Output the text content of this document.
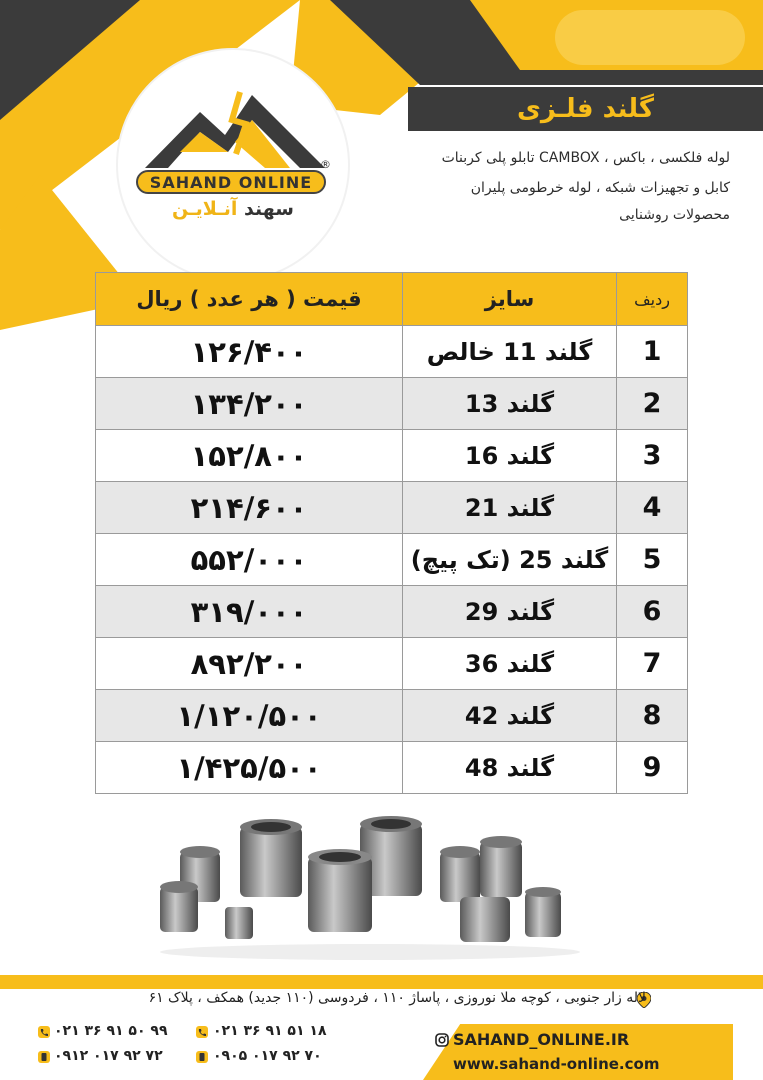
SAHAND ONLINE
®
سهند آنـلایـن
گلند فلـزی
لوله فلکسی ، باکس ، CAMBOX تابلو پلی کربنات
کابل و تجهیزات شبکه ، لوله خرطومی پلیران
محصولات روشنایی
ردیف	سایز	قیمت ( هر عدد ) ریال
1	گلند 11 خالص	۱۲۶/۴۰۰
2	گلند 13	۱۳۴/۲۰۰
3	گلند 16	۱۵۲/۸۰۰
4	گلند 21	۲۱۴/۶۰۰
5	گلند 25 (تک پیچ)	۵۵۲/۰۰۰
6	گلند 29	۳۱۹/۰۰۰
7	گلند 36	۸۹۲/۲۰۰
8	گلند 42	۱/۱۲۰/۵۰۰
9	گلند 48	۱/۴۲۵/۵۰۰
لاله زار جنوبی ، کوچه ملا نوروزی ، پاساژ ۱۱۰ ، فردوسی (۱۱۰ جدید) همکف ، پلاک ۶۱
۰۲۱ ۳۶ ۹۱ ۵۰ ۹۹	۰۲۱ ۳۶ ۹۱ ۵۱ ۱۸
۰۹۱۲ ۰۱۷ ۹۲ ۷۲	۰۹۰۵ ۰۱۷ ۹۲ ۷۰
SAHAND_ONLINE.IR
www.sahand-online.com
